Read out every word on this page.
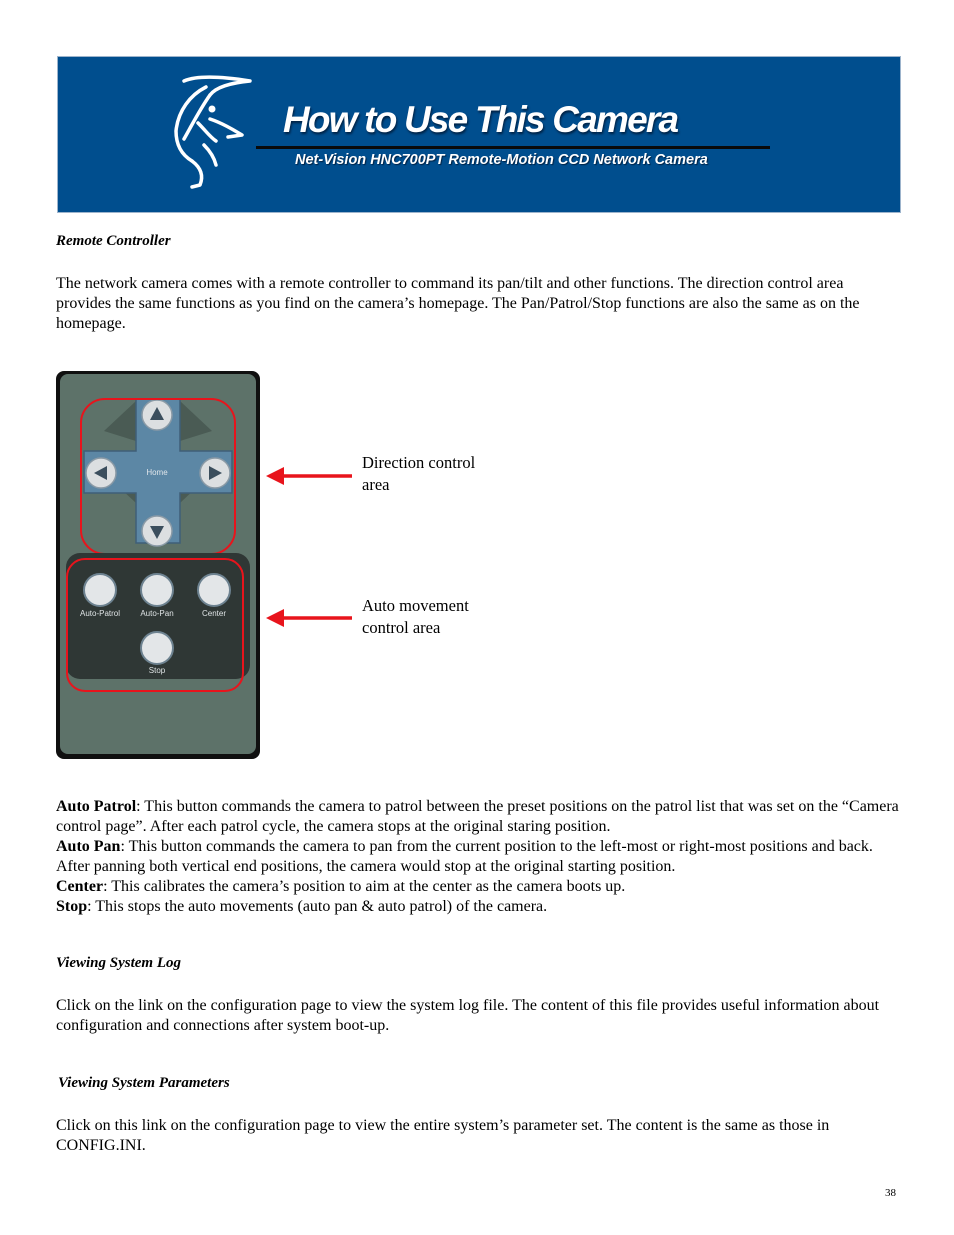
How to Use This Camera
Net-Vision HNC700PT Remote-Motion CCD Network Camera
Remote Controller
The network camera comes with a remote controller to command its pan/tilt and other functions. The direction control area provides the same functions as you find on the camera’s homepage. The Pan/Patrol/Stop functions are also the same as on the homepage.
Home
Auto-Patrol	Auto-Pan	Center
Stop
Direction control
area
Auto movement
control area

Auto Patrol: This button commands the camera to patrol between the preset positions on the patrol list that was set on the “Camera control page”. After each patrol cycle, the camera stops at the original staring position.

Auto Pan: This button commands the camera to pan from the current position to the left-most or right-most positions and back. After panning both vertical end positions, the camera would stop at the original starting position.

Center: This calibrates the camera’s position to aim at the center as the camera boots up.

Stop: This stops the auto movements (auto pan & auto patrol) of the camera.

Viewing System Log
Click on the link on the configuration page to view the system log file. The content of this file provides useful information about configuration and connections after system boot-up.
Viewing System Parameters
Click on this link on the configuration page to view the entire system’s parameter set. The content is the same as those in CONFIG.INI.
38
